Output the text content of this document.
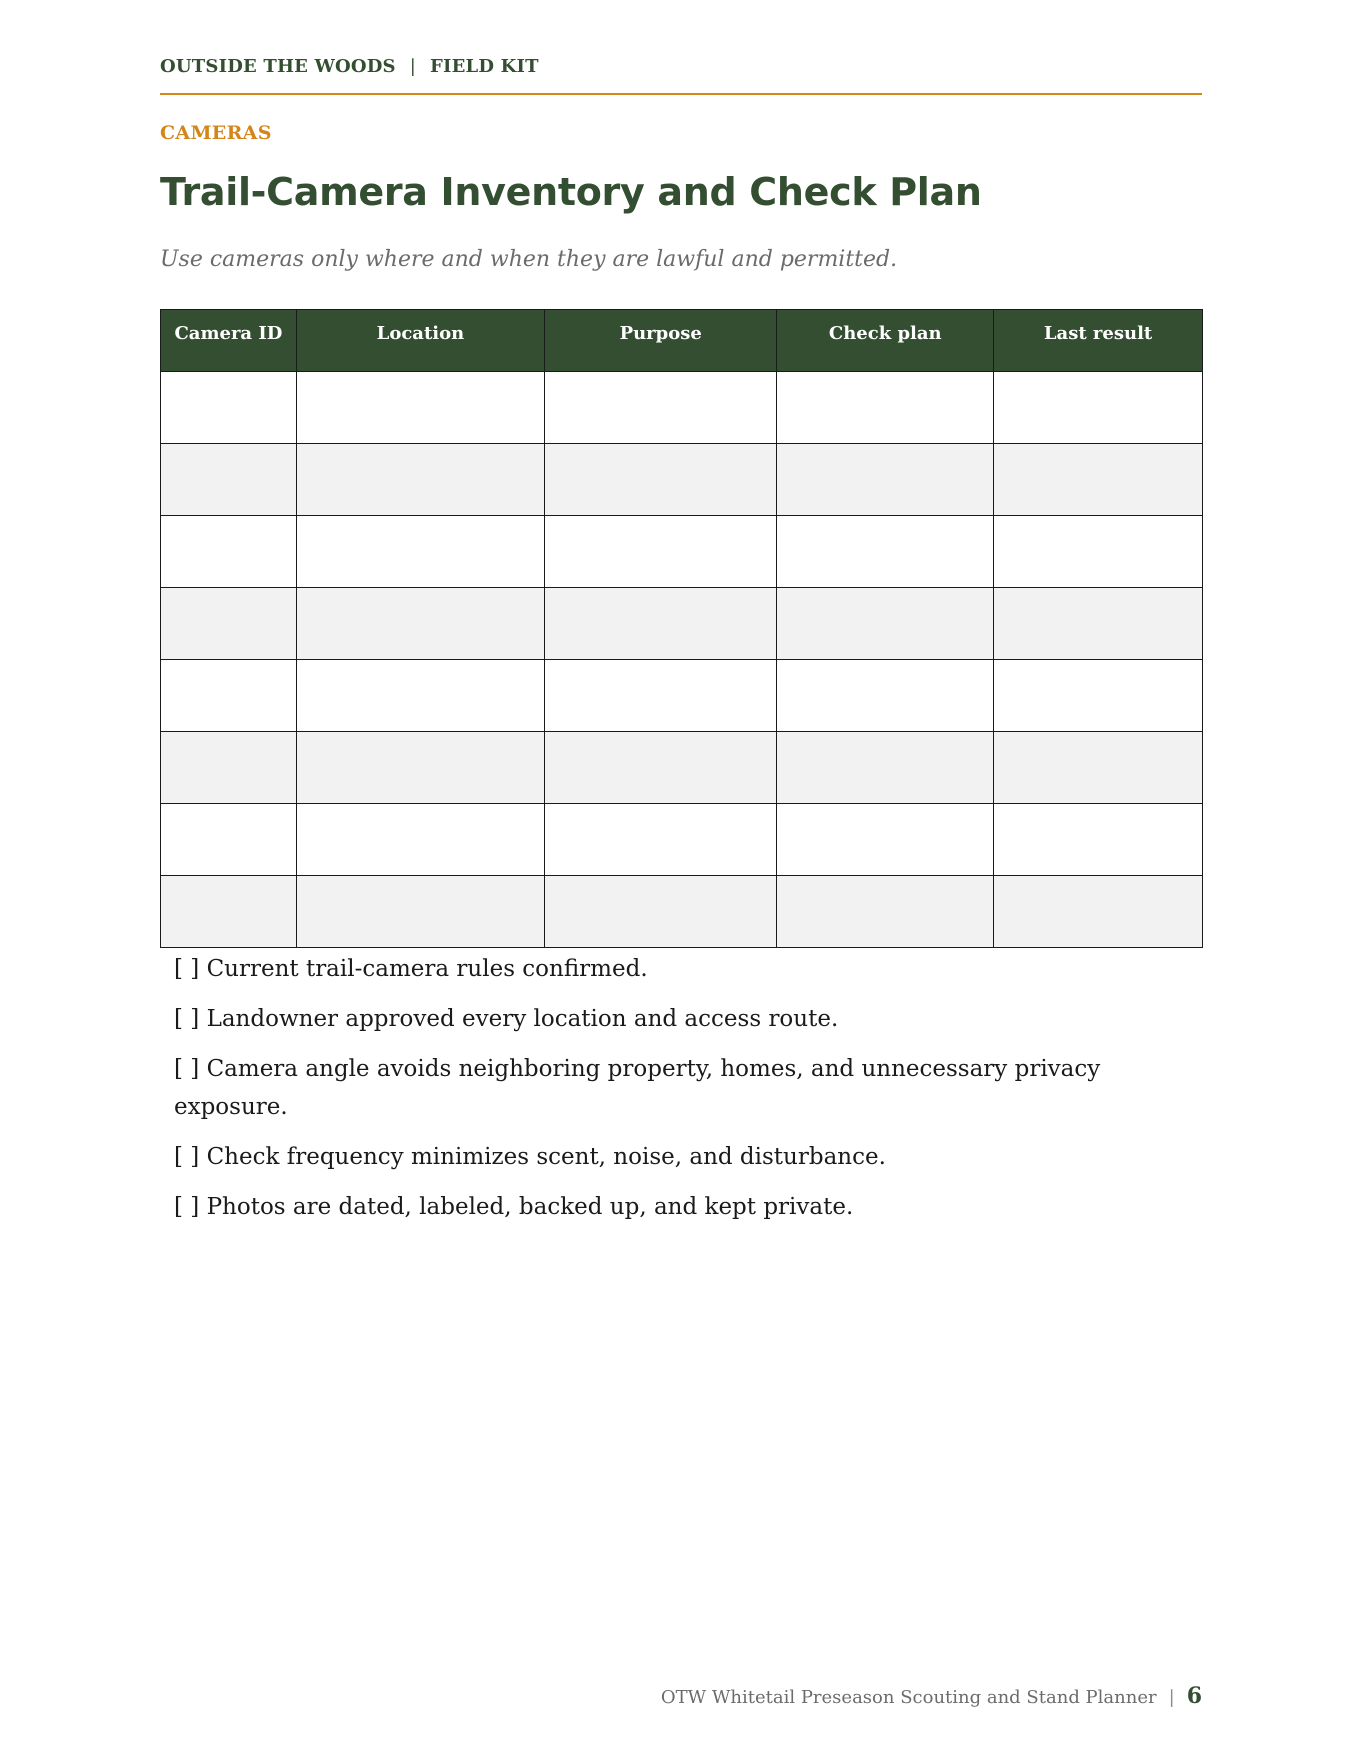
OUTSIDE THE WOODS | FIELD KIT
CAMERAS
Trail-Camera Inventory and Check Plan
Use cameras only where and when they are lawful and permitted.
Camera ID	Location	Purpose	Check plan	Last result

[ ] Current trail-camera rules confirmed.
[ ] Landowner approved every location and access route.
[ ] Camera angle avoids neighboring property, homes, and unnecessary privacy exposure.
[ ] Check frequency minimizes scent, noise, and disturbance.
[ ] Photos are dated, labeled, backed up, and kept private.
OTW Whitetail Preseason Scouting and Stand Planner | 6
